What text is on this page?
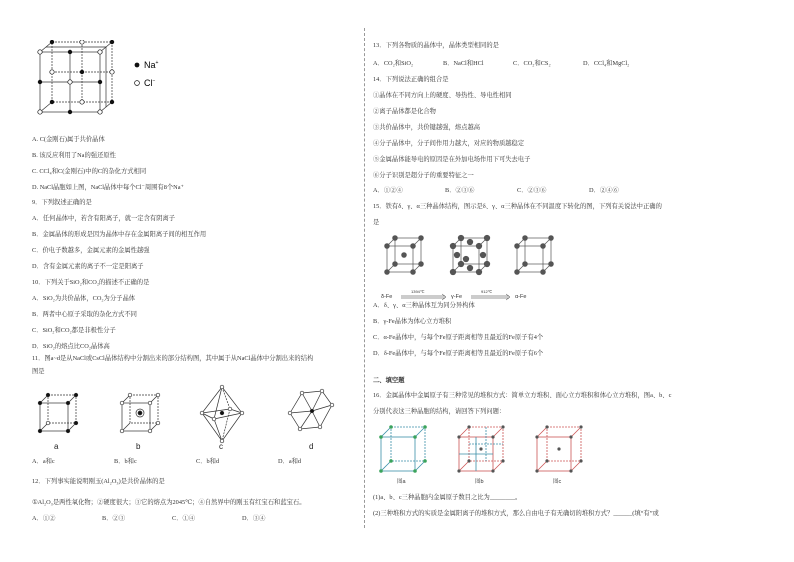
Na+
Cl−
A. C(金刚石)属于共价晶体
B. 该反应利用了Na的强还原性
C. CCl₄和C(金刚石)中的C的杂化方式相同
D. NaCl晶胞如上图，NaCl晶体中每个Cl⁻周围有8个Na⁺
9．下列叙述正确的是
A．任何晶体中，若含有阳离子，就一定含有阴离子
B．金属晶体的形成是因为晶体中存在金属阳离子间的相互作用
C．价电子数越多，金属元素的金属性越强
D．含有金属元素的离子不一定是阳离子
10．下列关于SiO₂和CO₂的描述不正确的是
A．SiO₂为共价晶体，CO₂为分子晶体
B．两者中心原子采取的杂化方式不同
C．SiO₂和CO₂都是非极性分子
D．SiO₂的熔点比CO₂晶体高
11．图a~d是从NaCl或CsCl晶体结构中分割出来的部分结构图，其中属于从NaCl晶体中分割出来的结构
图是
a	b	c	d
A．a和c	B．b和c	C．b和d	D．a和d
12．下列事实能说明刚玉(Al₂O₃)是共价晶体的是
①Al₂O₃是两性氧化物；②硬度很大；③它的熔点为2045℃；④自然界中的刚玉有红宝石和蓝宝石。
A．①②	B．②③	C．①④	D．③④
13．下列各物质的晶体中，晶体类型相同的是
A．CO₂和SiO₂	B．NaCl和HCl	C．CO₂和CS₂	D．CCl₄和MgCl₂
14．下列说法正确的组合是
①晶体在不同方向上的硬度、导热性、导电性相同
②离子晶体都是化合物
③共价晶体中，共价键越强，熔点越高
④分子晶体中，分子间作用力越大，对应的物质越稳定
⑤金属晶体能导电的原因是在外加电场作用下可失去电子
⑥分子识别是超分子的重要特征之一
A．①②④	B．②③⑥	C．②③⑥	D．②④⑥
15．铁有δ、γ、α三种晶体结构，图示是δ、γ、α三种晶体在不同温度下转化的图，下列有关说法中正确的
是
δ-Fe
1394℃
γ-Fe
912℃
α-Fe
A．δ、γ、α三种晶体互为同分异构体
B．γ-Fe晶体为体心立方堆积
C．α-Fe晶体中，与每个Fe原子距离相等且最近的Fe原子有4个
D．δ-Fe晶体中，与每个Fe原子距离相等且最近的Fe原子有6个
二、填空题
16．金属晶体中金属原子有三种常见的堆积方式：简单立方堆积、面心立方堆积和体心立方堆积，图a、b、c
分别代表这三种晶胞的结构，请回答下列问题：
图a	图b	图c
(1)a、b、c三种晶胞内金属原子数目之比为________。
(2)三种堆积方式的实质是金属阳离子的堆积方式，那么自由电子有无确切的堆积方式？______(填“有”或
